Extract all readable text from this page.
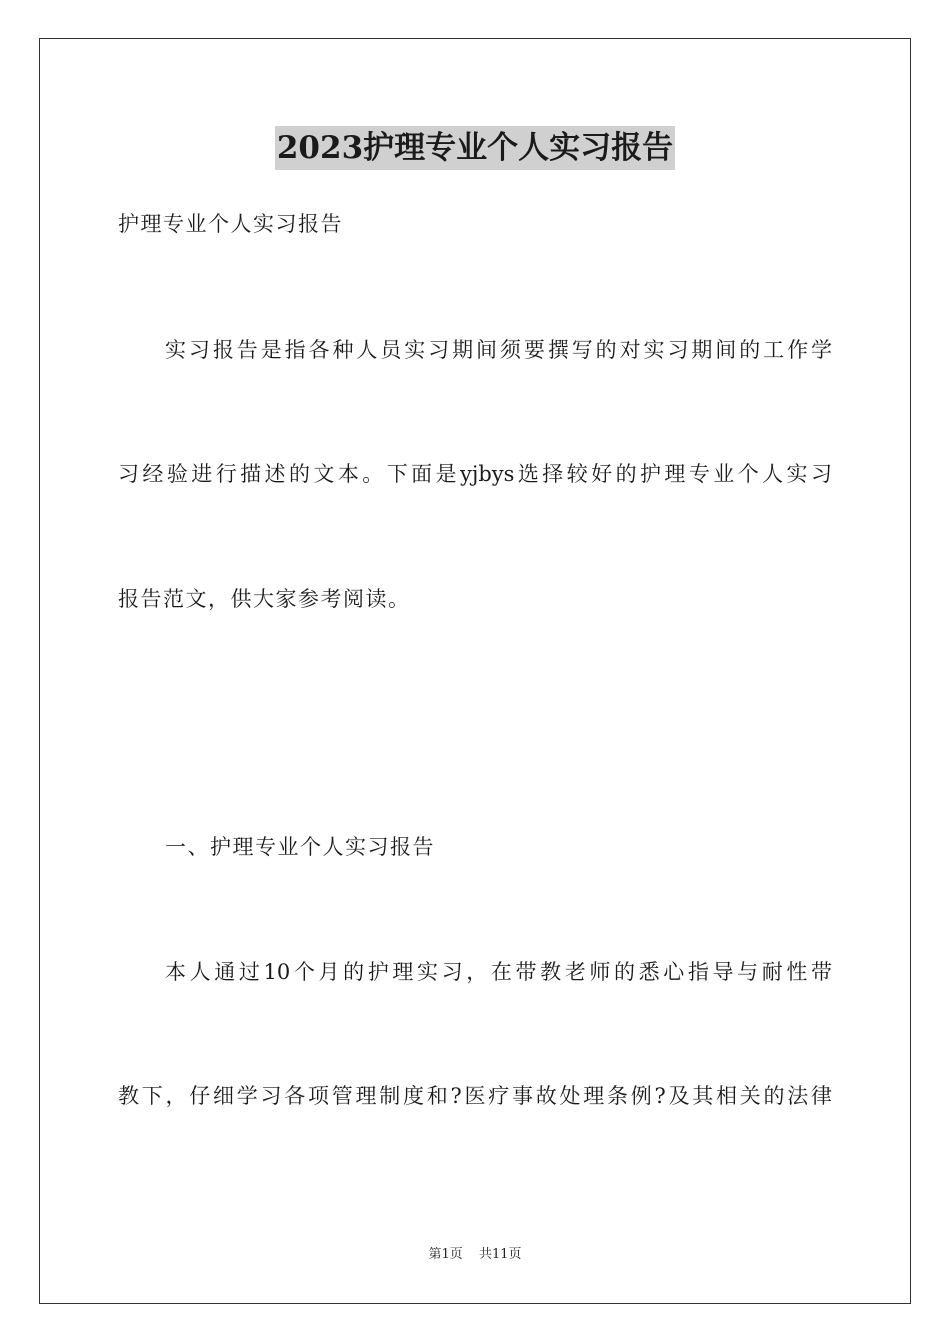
2023护理专业个人实习报告
护理专业个人实习报告
实习报告是指各种人员实习期间须要撰写的对实习期间的工作学
习经验进行描述的文本。下面是yjbys选择较好的护理专业个人实习
报告范文，供大家参考阅读。
一、护理专业个人实习报告
本人通过10个月的护理实习，在带教老师的悉心指导与耐性带
教下，仔细学习各项管理制度和?医疗事故处理条例?及其相关的法律
第1页 共11页
